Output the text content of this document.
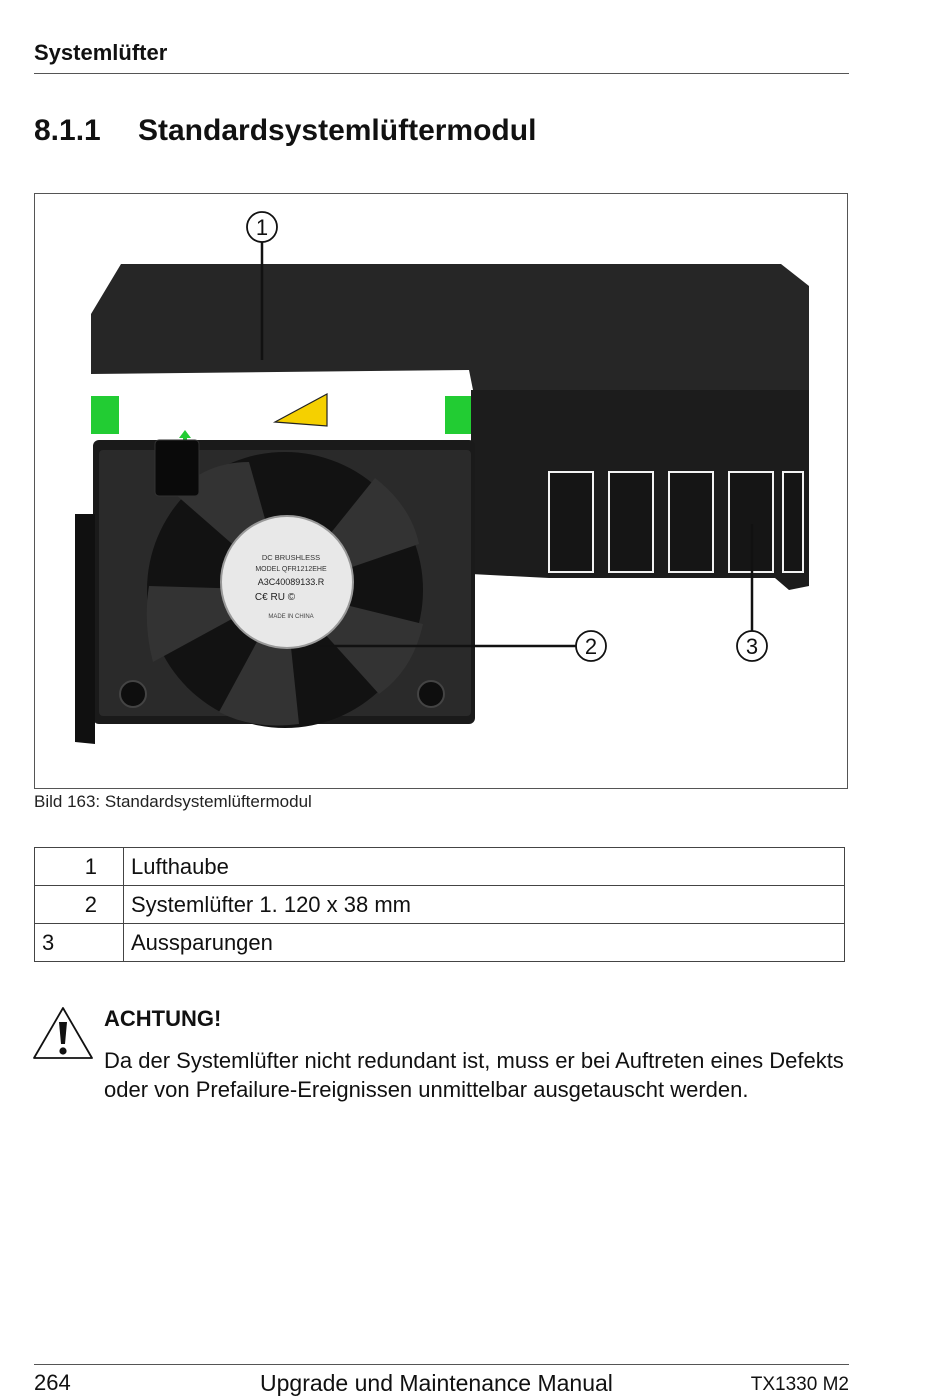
Systemlüfter
8.1.1 Standardsystemlüftermodul
DC BRUSHLESS
MODEL QFR1212EHE
A3C40089133.R
C€ RU ©
MADE IN CHINA
1
2	3
Bild 163: Standardsystemlüftermodul
1	Lufthaube
2	Systemlüfter 1. 120 x 38 mm
3	Aussparungen
ACHTUNG!
Da der Systemlüfter nicht redundant ist, muss er bei Auftreten eines Defekts oder von Prefailure-Ereignissen unmittelbar ausgetauscht werden.
264	Upgrade und Maintenance Manual	TX1330 M2
